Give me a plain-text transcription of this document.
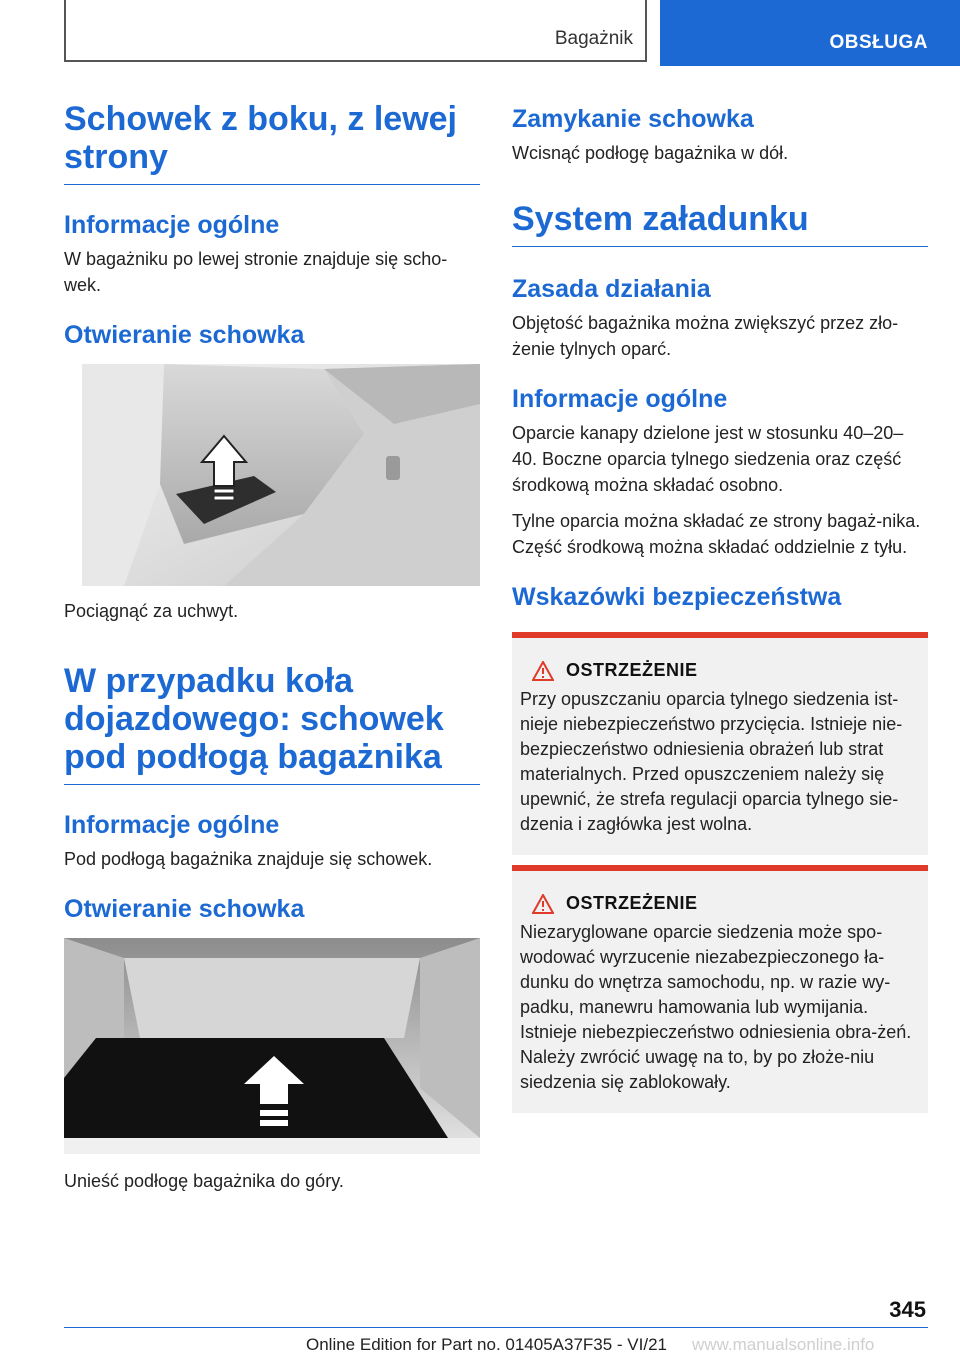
Bagażnik	OBSŁUGA
Schowek z boku, z lewej strony
Informacje ogólne

W bagażniku po lewej stronie znajduje się scho-wek.

Otwieranie schowka

Pociągnąć za uchwyt.

W przypadku koła dojazdowego: schowek pod podłogą bagażnika
Informacje ogólne

Pod podłogą bagażnika znajduje się schowek.

Otwieranie schowka

Unieść podłogę bagażnika do góry.

Zamykanie schowka

Wcisnąć podłogę bagażnika w dół.

System załadunku
Zasada działania

Objętość bagażnika można zwiększyć przez zło-żenie tylnych oparć.

Informacje ogólne

Oparcie kanapy dzielone jest w stosunku 40–20–40. Boczne oparcia tylnego siedzenia oraz część środkową można składać osobno.

Tylne oparcia można składać ze strony bagaż-nika. Część środkową można składać oddzielnie z tyłu.

Wskazówki bezpieczeństwa
OSTRZEŻENIE

Przy opuszczaniu oparcia tylnego siedzenia ist-nieje niebezpieczeństwo przycięcia. Istnieje nie-bezpieczeństwo odniesienia obrażeń lub strat materialnych. Przed opuszczeniem należy się upewnić, że strefa regulacji oparcia tylnego sie-dzenia i zagłówka jest wolna.

OSTRZEŻENIE

Niezaryglowane oparcie siedzenia może spo-wodować wyrzucenie niezabezpieczonego ła-dunku do wnętrza samochodu, np. w razie wy-padku, manewru hamowania lub wymijania. Istnieje niebezpieczeństwo odniesienia obra-żeń. Należy zwrócić uwagę na to, by po złoże-niu siedzenia się zablokowały.

345
Online Edition for Part no. 01405A37F35 - VI/21 www.manualsonline.info
